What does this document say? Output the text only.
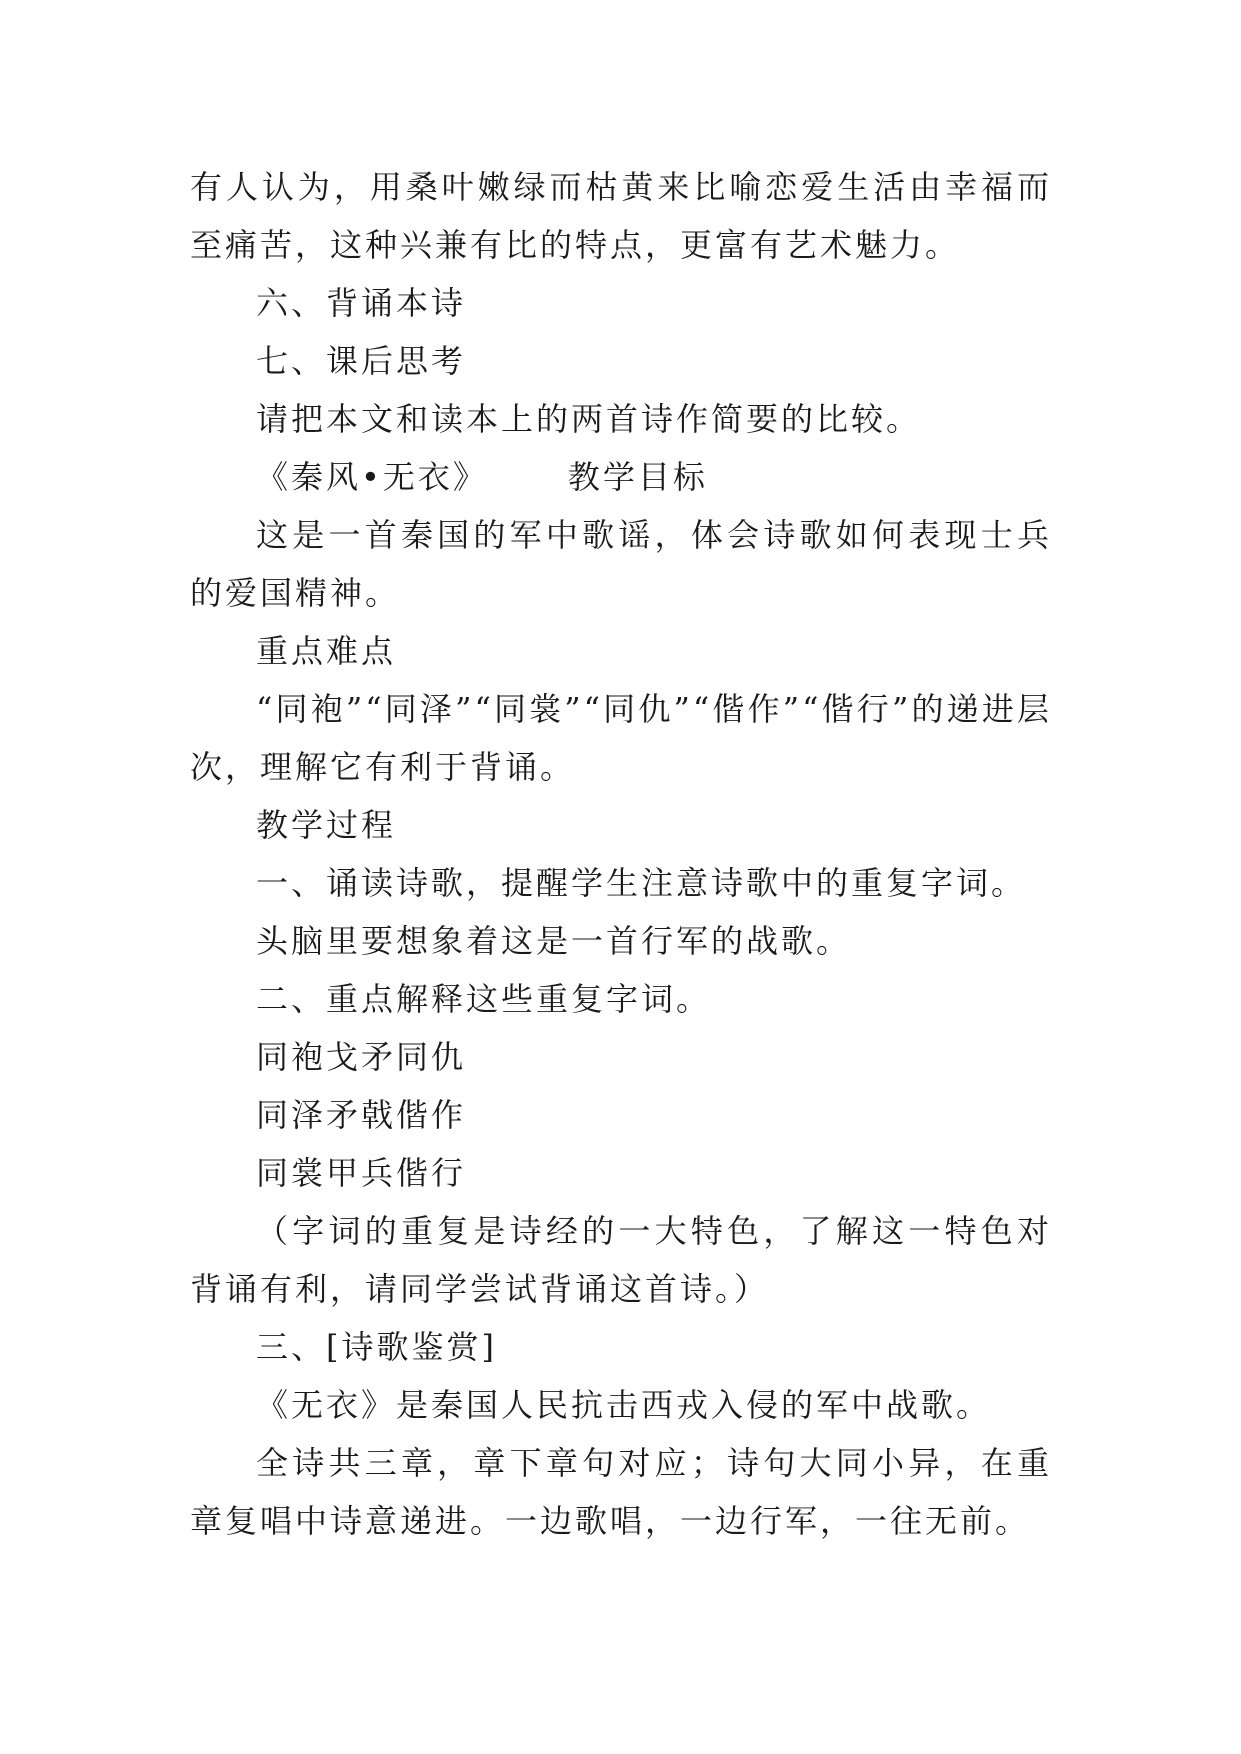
有人认为，用桑叶嫩绿而枯黄来比喻恋爱生活由幸福而至痛苦，这种兴兼有比的特点，更富有艺术魅力。

六、背诵本诗

七、课后思考

请把本文和读本上的两首诗作简要的比较。

《秦风•无衣》	教学目标

这是一首秦国的军中歌谣，体会诗歌如何表现士兵的爱国精神。

重点难点

“同袍”“同泽”“同裳”“同仇”“偕作”“偕行”的递进层次，理解它有利于背诵。

教学过程

一、诵读诗歌，提醒学生注意诗歌中的重复字词。

头脑里要想象着这是一首行军的战歌。

二、重点解释这些重复字词。

同袍戈矛同仇

同泽矛戟偕作

同裳甲兵偕行

（字词的重复是诗经的一大特色，了解这一特色对背诵有利，请同学尝试背诵这首诗。）

三、[诗歌鉴赏]

《无衣》是秦国人民抗击西戎入侵的军中战歌。

全诗共三章，章下章句对应；诗句大同小异，在重章复唱中诗意递进。一边歌唱，一边行军，一往无前。
